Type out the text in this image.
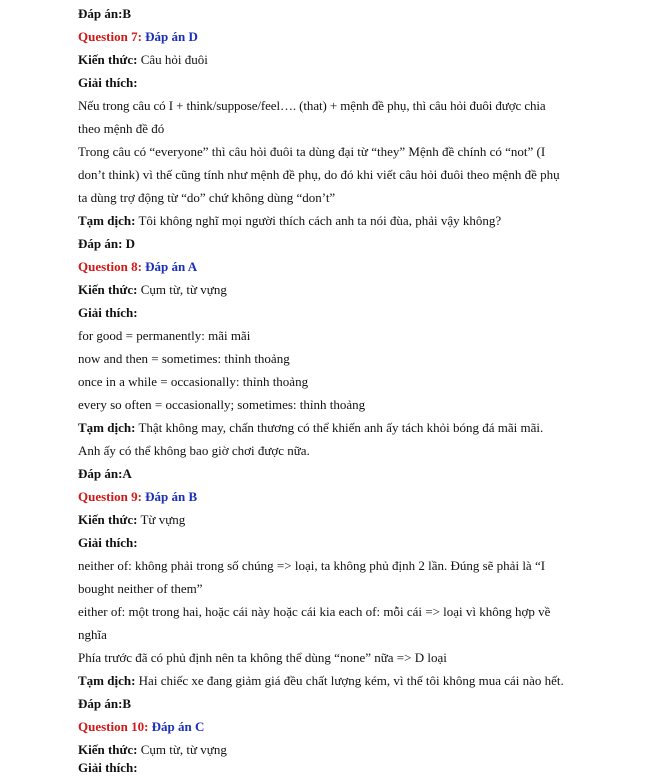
Đáp án:B
Question 7: Đáp án D
Kiến thức: Câu hỏi đuôi
Giải thích:
Nếu trong câu có I + think/suppose/feel…. (that) + mệnh đề phụ, thì câu hỏi đuôi được chia
theo mệnh đề đó
Trong câu có “everyone” thì câu hỏi đuôi ta dùng đại từ “they” Mệnh đề chính có “not” (I
don’t think) vì thế cũng tính như mệnh đề phụ, do đó khi viết câu hỏi đuôi theo mệnh đề phụ
ta dùng trợ động từ “do” chứ không dùng “don’t”
Tạm dịch: Tôi không nghĩ mọi người thích cách anh ta nói đùa, phải vậy không?
Đáp án: D
Question 8: Đáp án A
Kiến thức: Cụm từ, từ vựng
Giải thích:
for good = permanently: mãi mãi
now and then = sometimes: thỉnh thoảng
once in a while = occasionally: thỉnh thoảng
every so often = occasionally; sometimes: thỉnh thoảng
Tạm dịch: Thật không may, chấn thương có thể khiến anh ấy tách khỏi bóng đá mãi mãi.
Anh ấy có thể không bao giờ chơi được nữa.
Đáp án:A
Question 9: Đáp án B
Kiến thức: Từ vựng
Giải thích:
neither of: không phải trong số chúng => loại, ta không phủ định 2 lần. Đúng sẽ phải là “I
bought neither of them”
either of: một trong hai, hoặc cái này hoặc cái kia each of: mỗi cái => loại vì không hợp về
nghĩa
Phía trước đã có phủ định nên ta không thể dùng “none” nữa => D loại
Tạm dịch: Hai chiếc xe đang giảm giá đều chất lượng kém, vì thế tôi không mua cái nào hết.
Đáp án:B
Question 10: Đáp án C
Kiến thức: Cụm từ, từ vựng
Giải thích:
